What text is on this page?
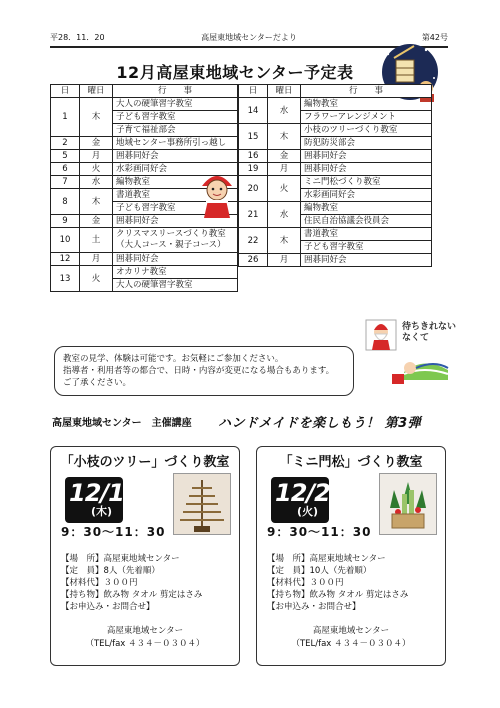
平28．11．20	高屋東地域センターだより	第42号
12月高屋東地域センター予定表
日	曜日	行　　事
1	木	大人の硬筆習字教室
		子ども習字教室
		子育て福祉部会
2	金	地域センター事務所引っ越し
5	月	囲碁同好会
6	火	水彩画同好会
7	水	編物教室
8	木	書道教室
		子ども習字教室
9	金	囲碁同好会
10	土	クリスマスリースづくり教室
（大人コース・親子コース）
12	月	囲碁同好会
13	火	オカリナ教室
		大人の硬筆習字教室
日	曜日	行　　事
14	水	編物教室
		フラワーアレンジメント
15	木	小枝のツリーづくり教室
		防犯防災部会
16	金	囲碁同好会
19	月	囲碁同好会
20	火	ミニ門松づくり教室
		水彩画同好会
21	水	編物教室
		住民自治協議会役員会
22	木	書道教室
		子ども習字教室
26	月	囲碁同好会
教室の見学、体験は可能です。お気軽にご参加ください。
指導者・利用者等の都合で、日時・内容が変更になる場合もあります。
ご了承ください。
待ちきれないなくて
高屋東地域センター　主催講座 ハンドメイドを楽しもう！ 第3弾
「小枝のツリー」づくり教室
12/15
(木)
9：30～11：30
【場　所】高屋東地域センター
【定　員】8人（先着順）
【材料代】３００円
【持ち物】飲み物 タオル 剪定はさみ
【お申込み・お問合せ】
高屋東地域センター
（TEL/fax ４３４－０３０４）
「ミニ門松」づくり教室
12/20
(火)
9：30～11：30
【場　所】高屋東地域センター
【定　員】10人（先着順）
【材料代】３００円
【持ち物】飲み物 タオル 剪定はさみ
【お申込み・お問合せ】
高屋東地域センター
（TEL/fax ４３４－０３０４）
